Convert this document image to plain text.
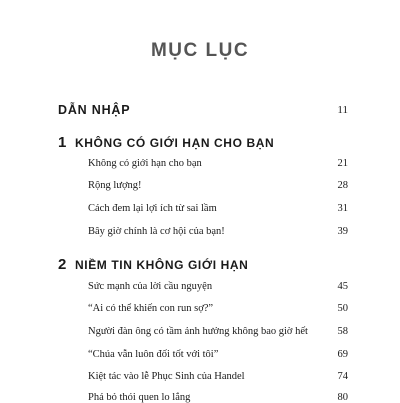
MỤC LỤC
DẪN NHẬP	11
1 KHÔNG CÓ GIỚI HẠN CHO BẠN
Không có giới hạn cho bạn	21
Rộng lượng!	28
Cách đem lại lợi ích từ sai lầm	31
Bây giờ chính là cơ hội của bạn!	39
2 NIỀM TIN KHÔNG GIỚI HẠN
Sức mạnh của lời cầu nguyện	45
“Ai có thể khiến con run sợ?”	50
Người đàn ông có tầm ảnh hưởng không bao giờ hết	58
“Chúa vẫn luôn đối tốt với tôi”	69
Kiệt tác vào lễ Phục Sinh của Handel	74
Phá bỏ thói quen lo lắng	80
